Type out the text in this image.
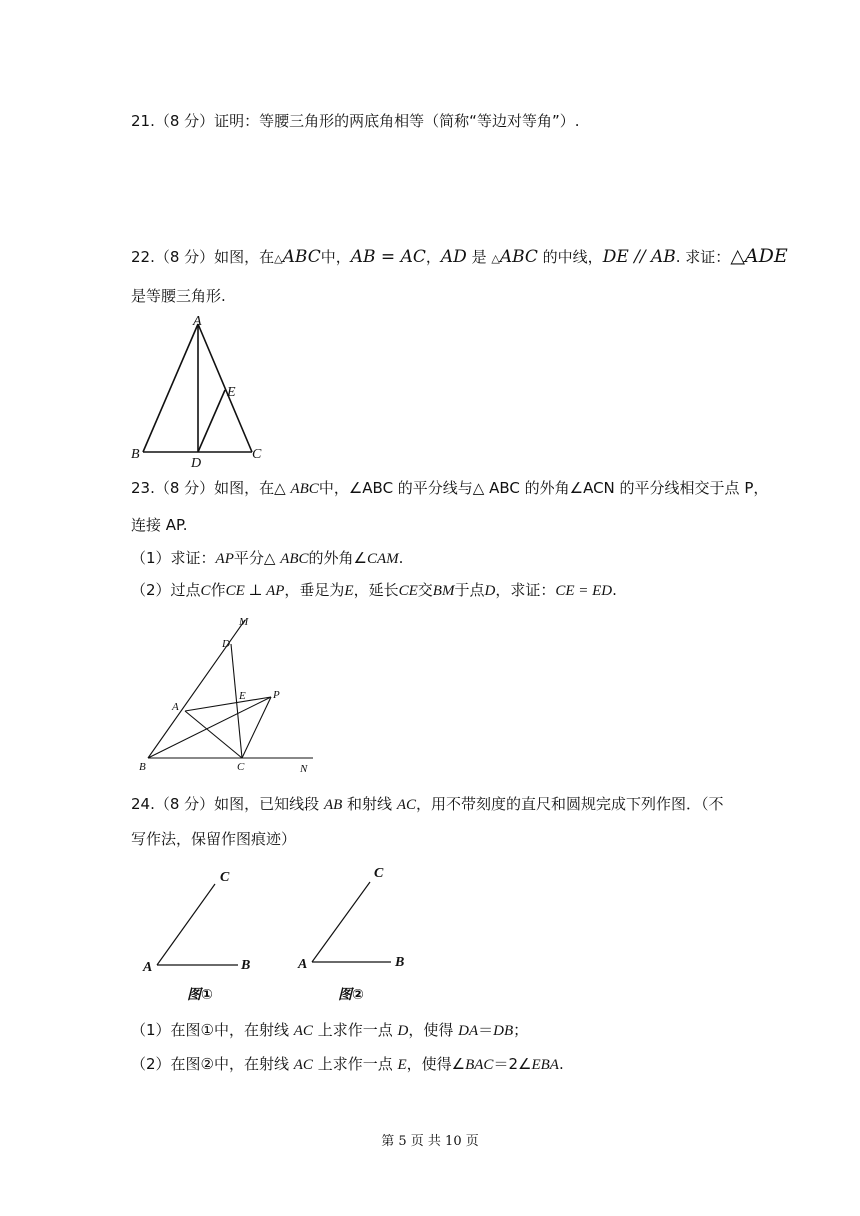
21.（8 分）证明：等腰三角形的两底角相等（简称“等边对等角”）.
22.（8 分）如图，在△ABC中，AB = AC，AD 是 △ABC 的中线，DE // AB. 求证：△ADE
是等腰三角形.
A
B	C
D
E
23.（8 分）如图，在△ ABC中，∠ABC 的平分线与△ ABC 的外角∠ACN 的平分线相交于点 P，
连接 AP.
（1）求证：AP平分△ ABC的外角∠CAM.
（2）过点C作CE ⊥ AP，垂足为E，延长CE交BM于点D，求证：CE = ED.
M
D
A
E P
B	C	N
24.（8 分）如图，已知线段 AB 和射线 AC，用不带刻度的直尺和圆规完成下列作图．（不
写作法，保留作图痕迹）
C
A	B
图①
C
A	B
图②
（1）在图①中，在射线 AC 上求作一点 D，使得 DA＝DB；
（2）在图②中，在射线 AC 上求作一点 E，使得∠BAC＝2∠EBA.
第 5 页 共 10 页
